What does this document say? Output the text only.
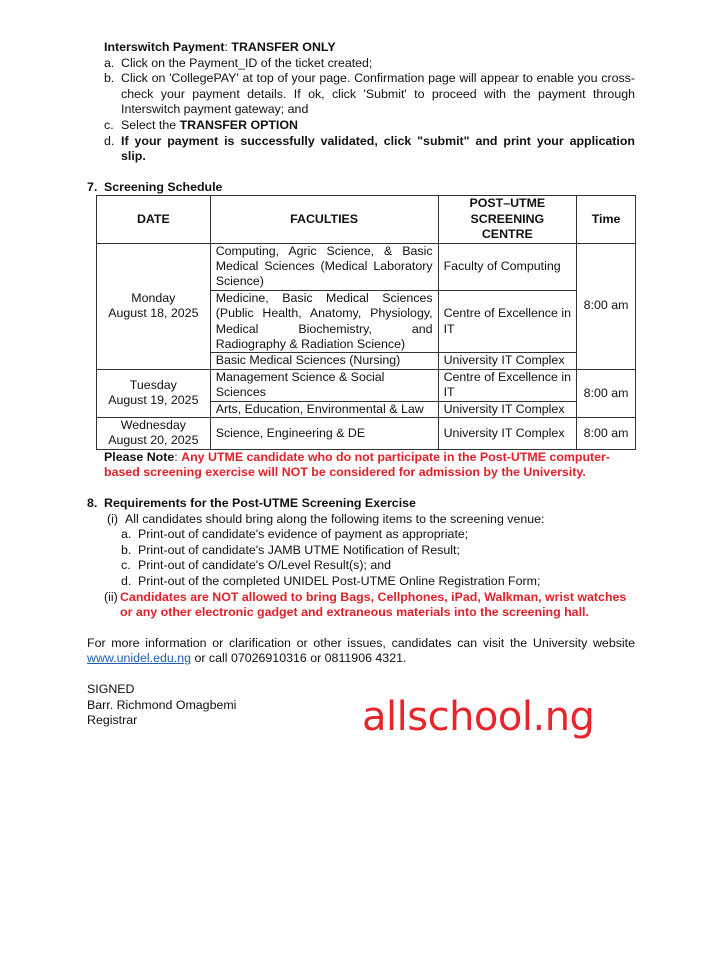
Interswitch Payment: TRANSFER ONLY
a. Click on the Payment_ID of the ticket created;
b. Click on 'CollegePAY' at top of your page. Confirmation page will appear to enable you cross-check your payment details. If ok, click 'Submit' to proceed with the payment through Interswitch payment gateway; and
c. Select the TRANSFER OPTION
d. If your payment is successfully validated, click "submit" and print your application slip.
7. Screening Schedule
DATE	FACULTIES	POST–UTME SCREENING CENTRE	Time

Monday
August 18, 2025	Computing, Agric Science, & Basic Medical Sciences (Medical Laboratory Science)	Faculty of Computing	8:00 am
	Medicine, Basic Medical Sciences (Public Health, Anatomy, Physiology, Medical Biochemistry, and Radiography & Radiation Science)	Centre of Excellence in IT	
	Basic Medical Sciences (Nursing)	University IT Complex	

Tuesday
August 19, 2025	Management Science & Social Sciences	Centre of Excellence in IT	8:00 am
	Arts, Education, Environmental & Law	University IT Complex	

Wednesday
August 20, 2025	Science, Engineering & DE	University IT Complex	8:00 am
Please Note: Any UTME candidate who do not participate in the Post-UTME computer-based screening exercise will NOT be considered for admission by the University.
8. Requirements for the Post-UTME Screening Exercise
(i) All candidates should bring along the following items to the screening venue:
a. Print-out of candidate's evidence of payment as appropriate;
b. Print-out of candidate's JAMB UTME Notification of Result;
c. Print-out of candidate's O/Level Result(s); and
d. Print-out of the completed UNIDEL Post-UTME Online Registration Form;
(ii) Candidates are NOT allowed to bring Bags, Cellphones, iPad, Walkman, wrist watches or any other electronic gadget and extraneous materials into the screening hall.
For more information or clarification or other issues, candidates can visit the University website www.unidel.edu.ng or call 07026910316 or 0811906 4321.
SIGNED
Barr. Richmond Omagbemi
Registrar	allschool.ng
